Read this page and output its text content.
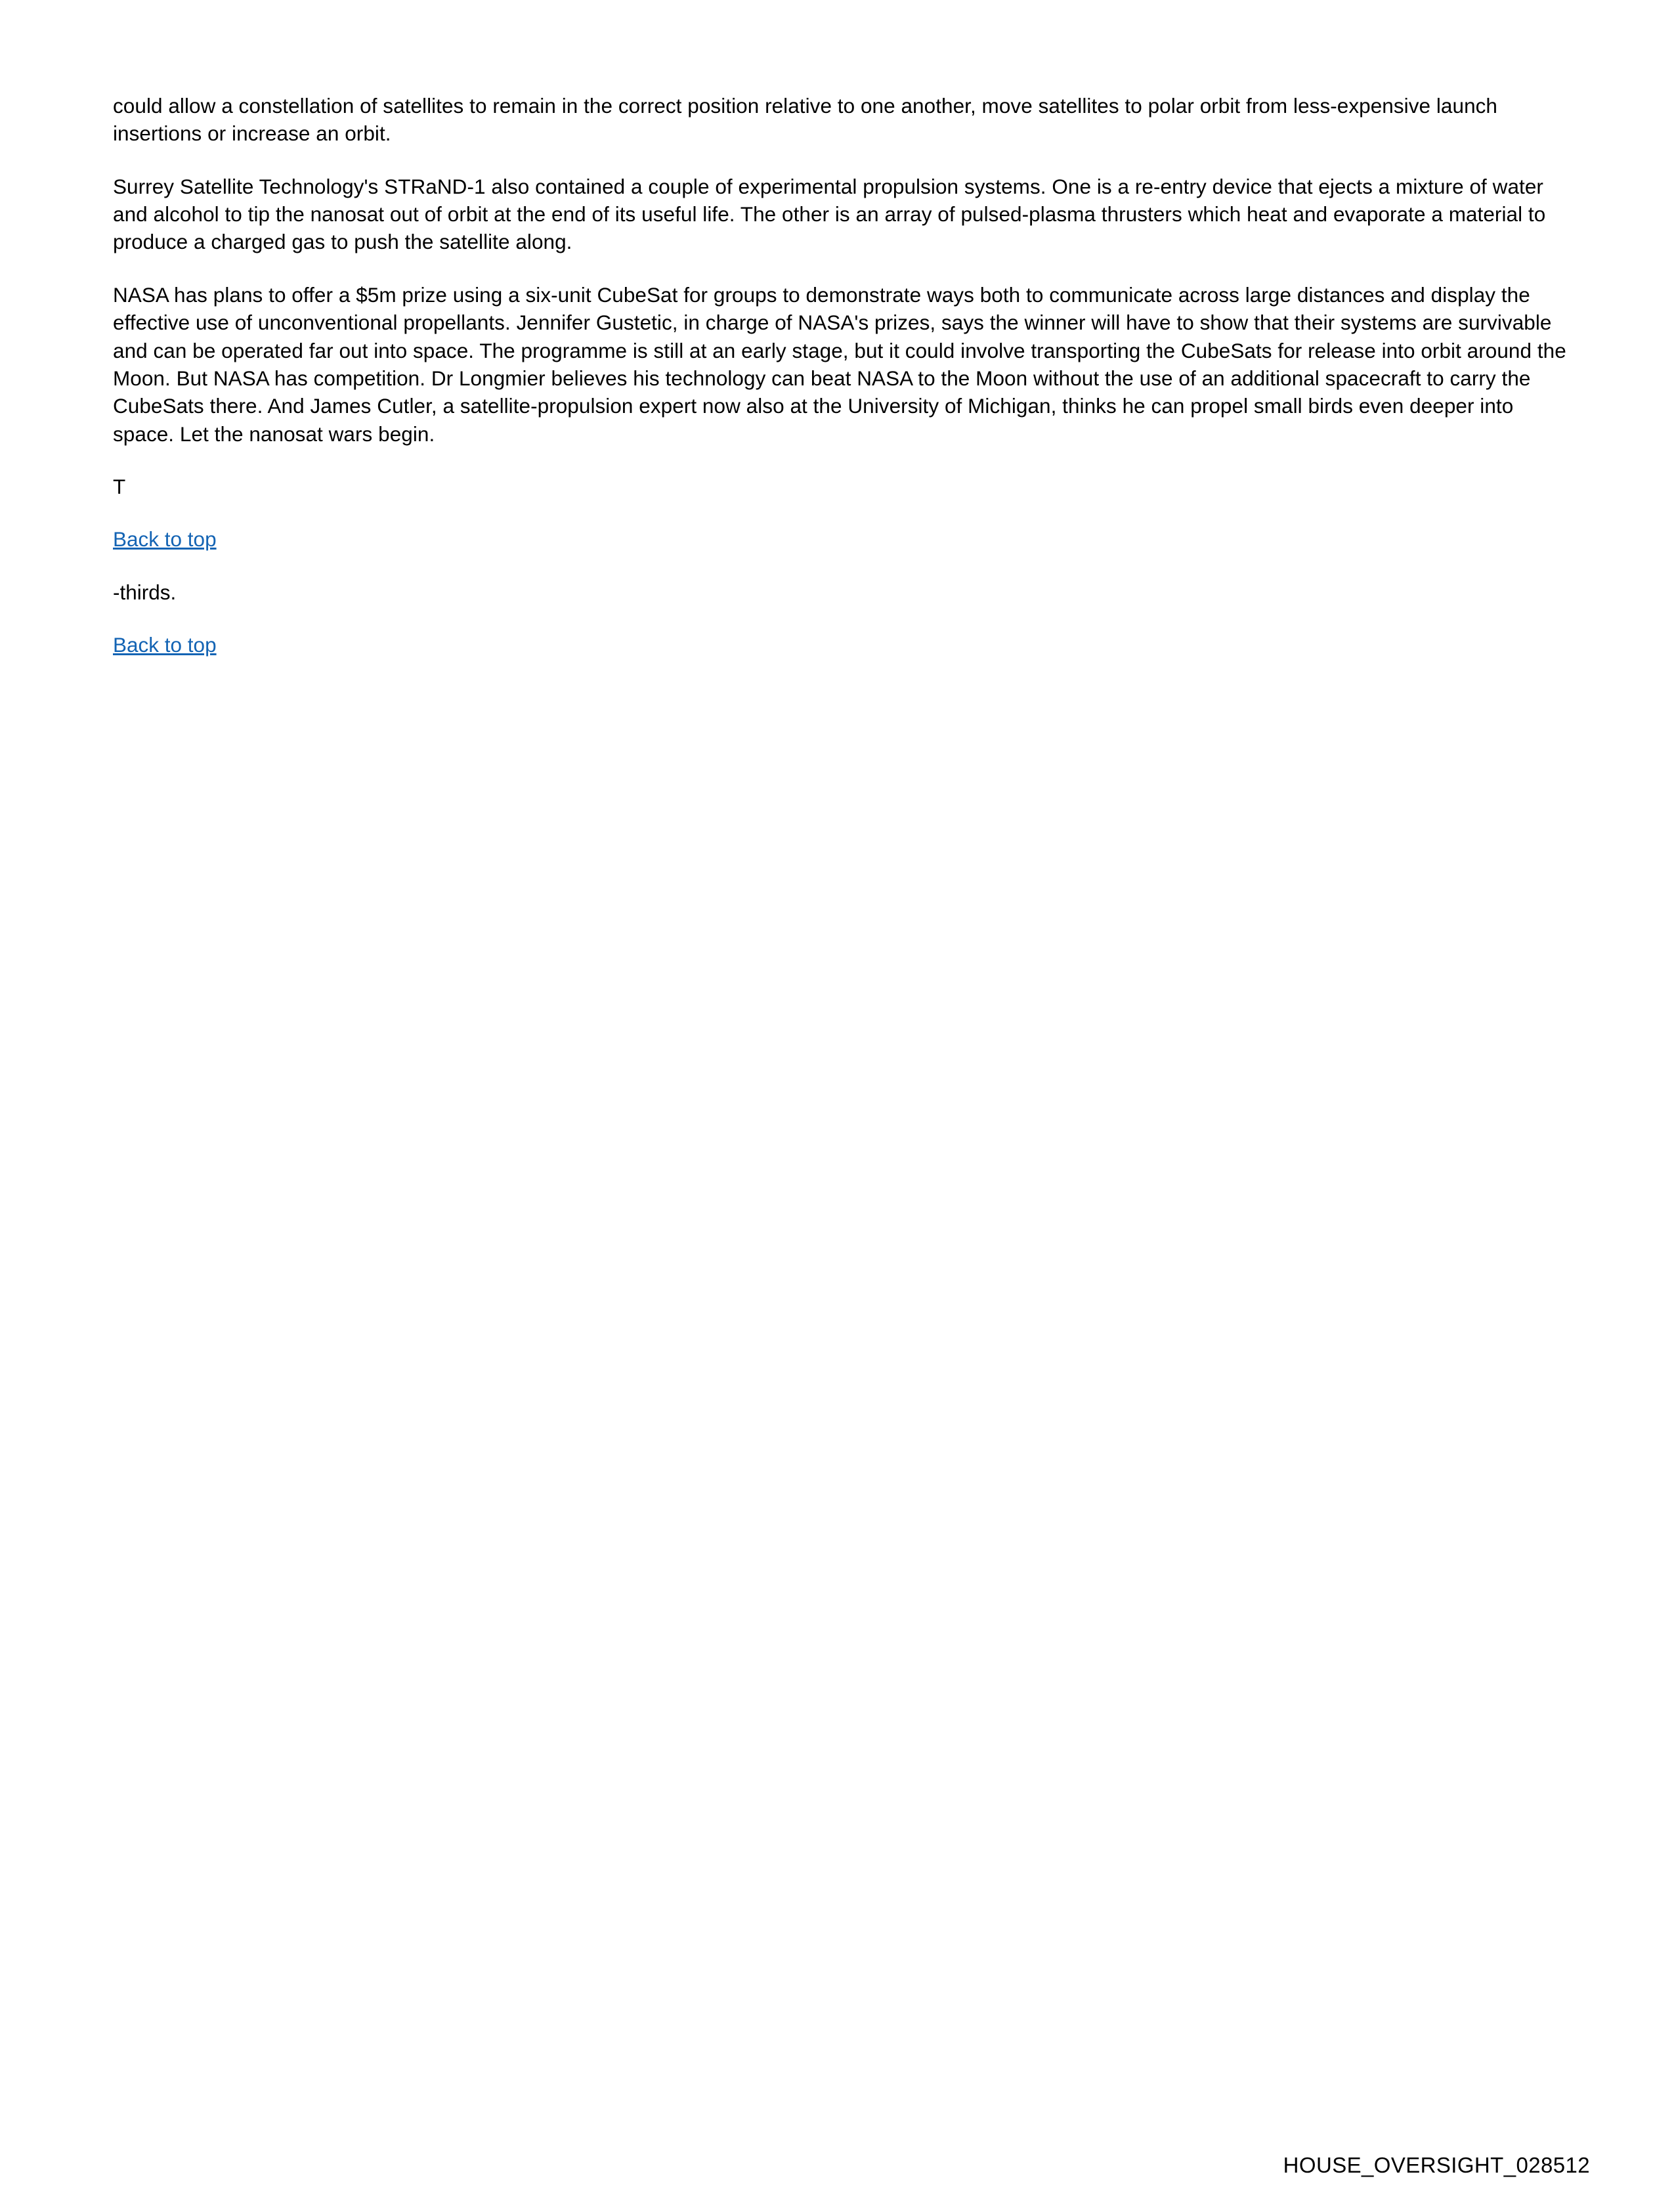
could allow a constellation of satellites to remain in the correct position relative to one another, move satellites to polar orbit from less-expensive launch insertions or increase an orbit.

Surrey Satellite Technology's STRaND-1 also contained a couple of experimental propulsion systems. One is a re-entry device that ejects a mixture of water and alcohol to tip the nanosat out of orbit at the end of its useful life. The other is an array of pulsed-plasma thrusters which heat and evaporate a material to produce a charged gas to push the satellite along.

NASA has plans to offer a $5m prize using a six-unit CubeSat for groups to demonstrate ways both to communicate across large distances and display the effective use of unconventional propellants. Jennifer Gustetic, in charge of NASA's prizes, says the winner will have to show that their systems are survivable and can be operated far out into space. The programme is still at an early stage, but it could involve transporting the CubeSats for release into orbit around the Moon. But NASA has competition. Dr Longmier believes his technology can beat NASA to the Moon without the use of an additional spacecraft to carry the CubeSats there. And James Cutler, a satellite-propulsion expert now also at the University of Michigan, thinks he can propel small birds even deeper into space. Let the nanosat wars begin.

T

Back to top

-thirds.

Back to top
HOUSE_OVERSIGHT_028512
